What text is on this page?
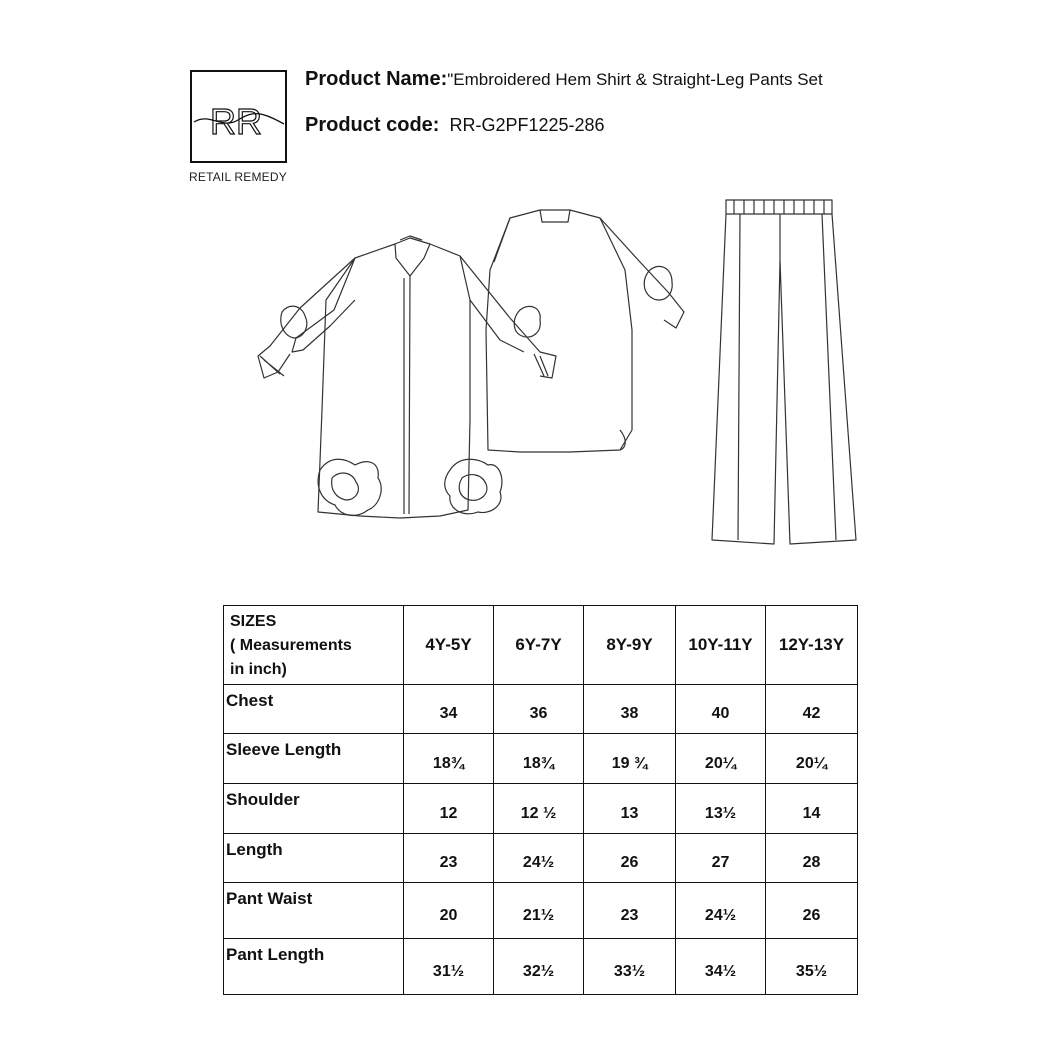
RR
RETAIL REMEDY
Product Name:"Embroidered Hem Shirt & Straight-Leg Pants Set
Product code: RR-G2PF1225-286
SIZES
( Measurements
in inch)	4Y-5Y	6Y-7Y	8Y-9Y	10Y-11Y	12Y-13Y
Chest	34	36	38	40	42
Sleeve Length	18¾	18¾	19 ¾	20¼	20¼
Shoulder	12	12 ½	13	13½	14
Length	23	24½	26	27	28
Pant Waist	20	21½	23	24½	26
Pant Length	31½	32½	33½	34½	35½
